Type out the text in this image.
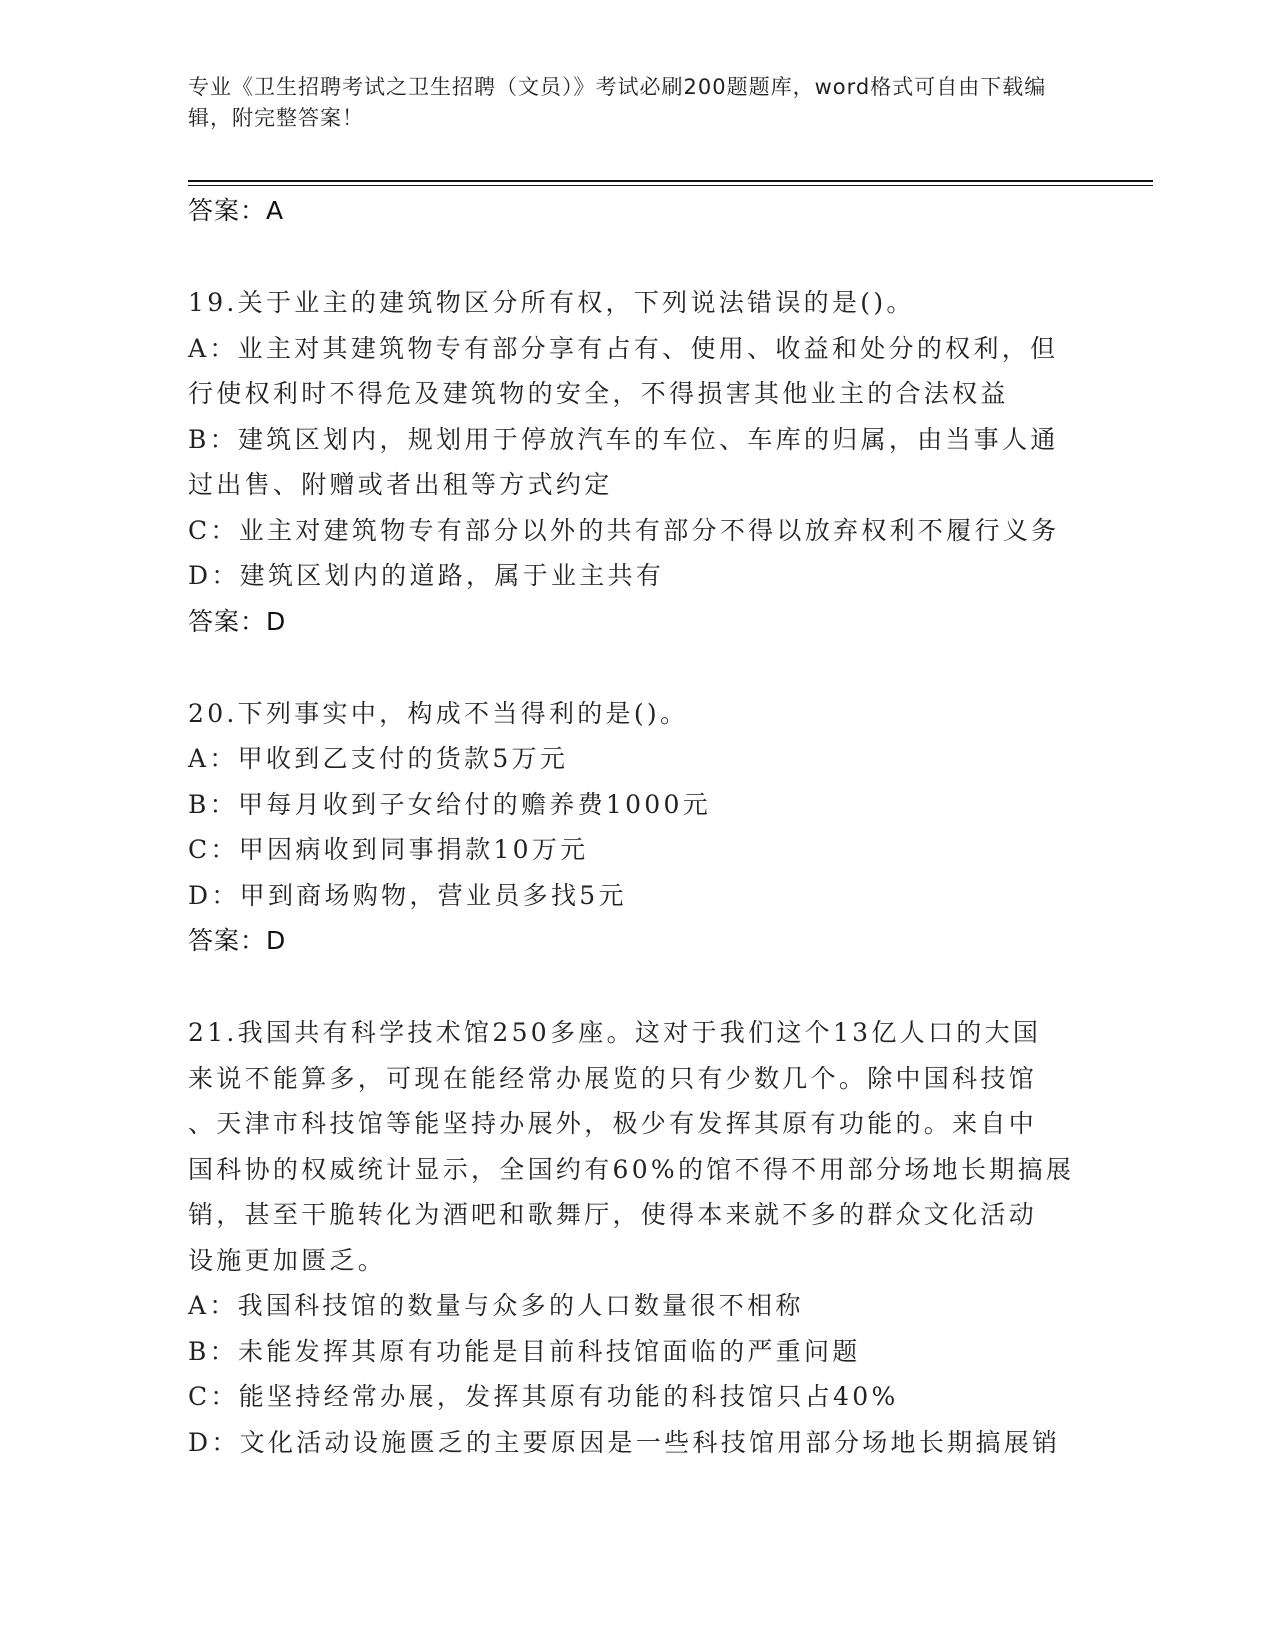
专业《卫生招聘考试之卫生招聘（文员）》考试必刷200题题库，word格式可自由下载编辑，附完整答案！
答案：A
19.关于业主的建筑物区分所有权，下列说法错误的是()。
A：业主对其建筑物专有部分享有占有、使用、收益和处分的权利，但
行使权利时不得危及建筑物的安全，不得损害其他业主的合法权益
B：建筑区划内，规划用于停放汽车的车位、车库的归属，由当事人通
过出售、附赠或者出租等方式约定
C：业主对建筑物专有部分以外的共有部分不得以放弃权利不履行义务
D：建筑区划内的道路，属于业主共有
答案：D
20.下列事实中，构成不当得利的是()。
A：甲收到乙支付的货款5万元
B：甲每月收到子女给付的赡养费1000元
C：甲因病收到同事捐款10万元
D：甲到商场购物，营业员多找5元
答案：D
21.我国共有科学技术馆250多座。这对于我们这个13亿人口的大国
来说不能算多，可现在能经常办展览的只有少数几个。除中国科技馆
、天津市科技馆等能坚持办展外，极少有发挥其原有功能的。来自中
国科协的权威统计显示，全国约有60%的馆不得不用部分场地长期搞展
销，甚至干脆转化为酒吧和歌舞厅，使得本来就不多的群众文化活动
设施更加匮乏。
A：我国科技馆的数量与众多的人口数量很不相称
B：未能发挥其原有功能是目前科技馆面临的严重问题
C：能坚持经常办展，发挥其原有功能的科技馆只占40%
D：文化活动设施匮乏的主要原因是一些科技馆用部分场地长期搞展销
